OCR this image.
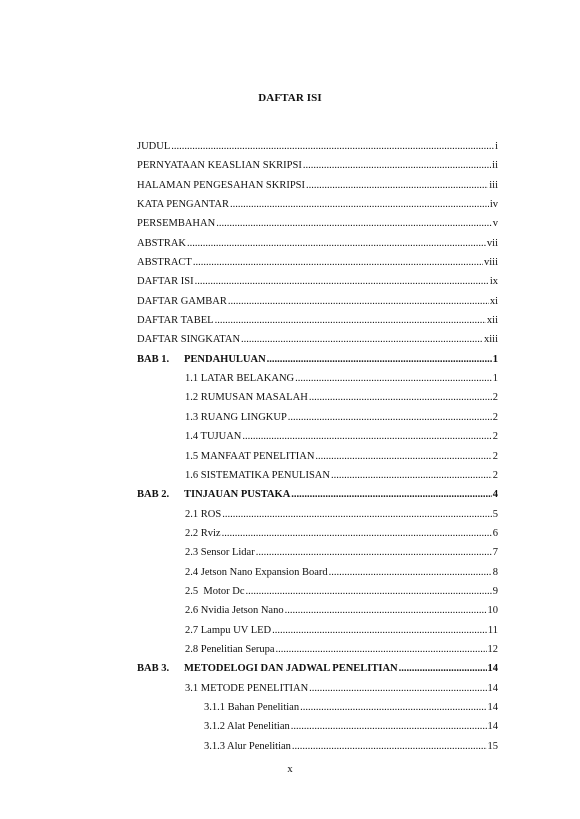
DAFTAR ISI
JUDUL .....	i
PERNYATAAN KEASLIAN SKRIPSI .....	ii
HALAMAN PENGESAHAN SKRIPSI .....	iii
KATA PENGANTAR .....	iv
PERSEMBAHAN .....	v
ABSTRAK .....	vii
ABSTRACT .....	viii
DAFTAR ISI .....	ix
DAFTAR GAMBAR .....	xi
DAFTAR TABEL .....	xii
DAFTAR SINGKATAN .....	xiii
BAB 1.	PENDAHULUAN .....	1
1.1 LATAR BELAKANG .....	1
1.2 RUMUSAN MASALAH .....	2
1.3 RUANG LINGKUP .....	2
1.4 TUJUAN .....	2
1.5 MANFAAT PENELITIAN .....	2
1.6 SISTEMATIKA PENULISAN .....	2
BAB 2.	TINJAUAN PUSTAKA .....	4
2.1 ROS .....	5
2.2 Rviz .....	6
2.3 Sensor Lidar .....	7
2.4 Jetson Nano Expansion Board .....	8
2.5  Motor Dc .....	9
2.6 Nvidia Jetson Nano .....	10
2.7 Lampu UV LED .....	11
2.8 Penelitian Serupa .....	12
BAB 3.	METODELOGI DAN JADWAL PENELITIAN .....	14
3.1 METODE PENELITIAN .....	14
3.1.1 Bahan Penelitian .....	14
3.1.2 Alat Penelitian .....	14
3.1.3 Alur Penelitian .....	15
x
